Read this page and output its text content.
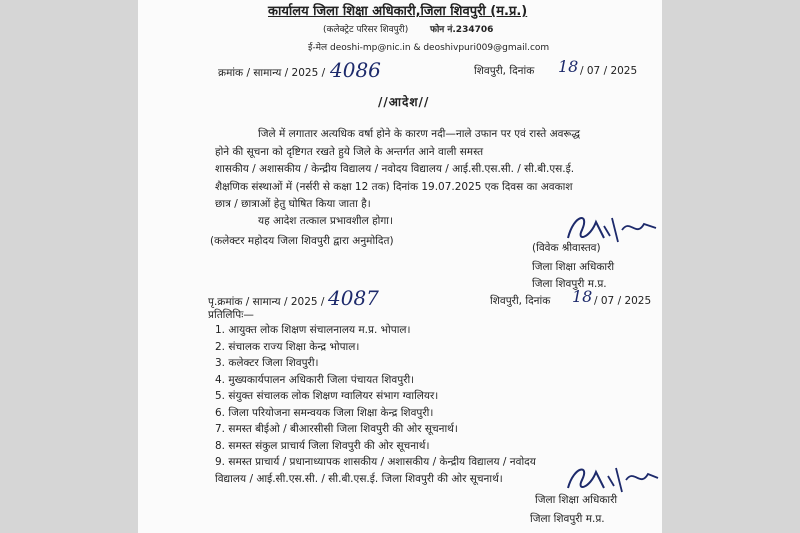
कार्यालय जिला शिक्षा अधिकारी,जिला शिवपुरी (म.प्र.)
(कलेक्ट्रेट परिसर शिवपुरी) फोन नं.234706
ई-मेल deoshi-mp@nic.in & deoshivpuri009@gmail.com
क्रमांक / सामान्य / 2025 / 4086	शिवपुरी, दिनांक 18 / 07 / 2025
//आदेश//
जिले में लगातार अत्यधिक वर्षा होने के कारण नदी—नाले उफान पर एवं रास्ते अवरूद्ध
होने की सूचना को दृष्टिगत रखते हुये जिले के अन्तर्गत आने वाली समस्त
शासकीय / अशासकीय / केन्द्रीय विद्यालय / नवोदय विद्यालय / आई.सी.एस.सी. / सी.बी.एस.ई.
शैक्षणिक संस्थाओं में (नर्सरी से कक्षा 12 तक) दिनांक 19.07.2025 एक दिवस का अवकाश
छात्र / छात्राओं हेतु घोषित किया जाता है।
यह आदेश तत्काल प्रभावशील होगा।
(कलेक्टर महोदय जिला शिवपुरी द्वारा अनुमोदित)
(विवेक श्रीवास्तव)
जिला शिक्षा अधिकारी
जिला शिवपुरी म.प्र.
पृ.क्रमांक / सामान्य / 2025 / 4087	शिवपुरी, दिनांक 18 / 07 / 2025
प्रतिलिपिः—
1. आयुक्त लोक शिक्षण संचालनालय म.प्र. भोपाल।
2. संचालक राज्य शिक्षा केन्द्र भोपाल।
3. कलेक्टर जिला शिवपुरी।
4. मुख्यकार्यपालन अधिकारी जिला पंचायत शिवपुरी।
5. संयुक्त संचालक लोक शिक्षण ग्वालियर संभाग ग्वालियर।
6. जिला परियोजना समन्वयक जिला शिक्षा केन्द्र शिवपुरी।
7. समस्त बीईओ / बीआरसीसी जिला शिवपुरी की ओर सूचनार्थ।
8. समस्त संकुल प्राचार्य जिला शिवपुरी की ओर सूचनार्थ।
9. समस्त प्राचार्य / प्रधानाध्यापक शासकीय / अशासकीय / केन्द्रीय विद्यालय / नवोदय
विद्यालय / आई.सी.एस.सी. / सी.बी.एस.ई. जिला शिवपुरी की ओर सूचनार्थ।
जिला शिक्षा अधिकारी
जिला शिवपुरी म.प्र.
